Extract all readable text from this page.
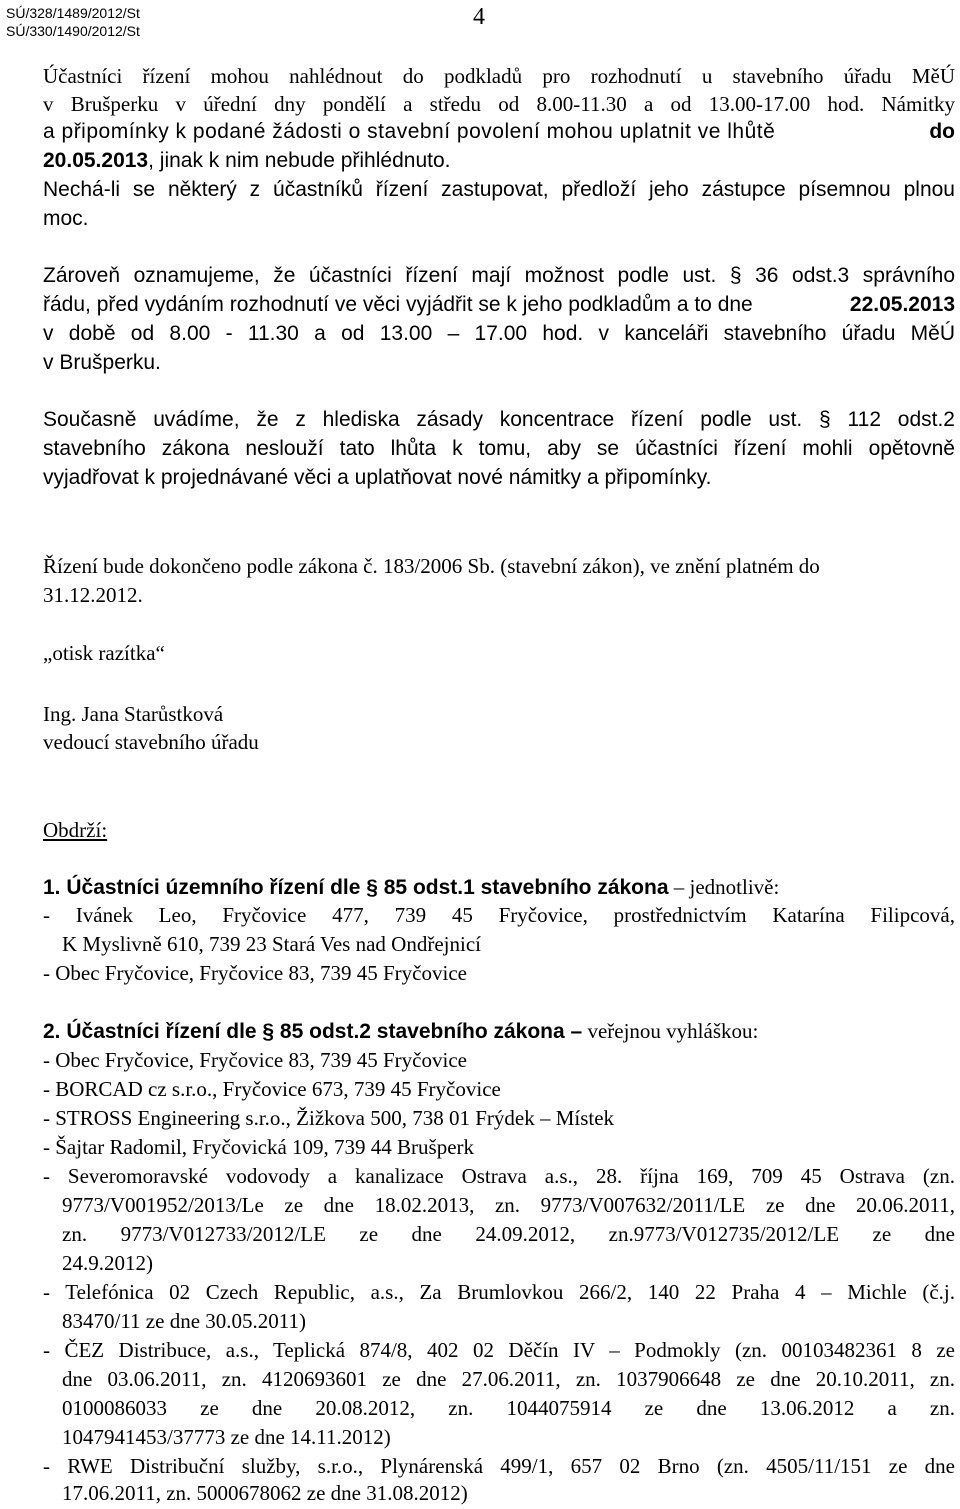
SÚ/328/1489/2012/St
SÚ/330/1490/2012/St
4
Účastníci řízení mohou nahlédnout do podkladů pro rozhodnutí u stavebního úřadu MěÚ
v Brušperku v úřední dny pondělí a středu od 8.00-11.30 a od 13.00-17.00 hod. Námitky
a připomínky k podané žádosti o stavební povolení mohou uplatnit ve lhůtě	do
20.05.2013, jinak k nim nebude přihlédnuto.
Nechá-li se některý z účastníků řízení zastupovat, předloží jeho zástupce písemnou plnou
moc.
Zároveň oznamujeme, že účastníci řízení mají možnost podle ust. § 36 odst.3 správního
řádu, před vydáním rozhodnutí ve věci vyjádřit se k jeho podkladům a to dne	22.05.2013
v době od 8.00 - 11.30 a od 13.00 – 17.00 hod. v kanceláři stavebního úřadu MěÚ
v Brušperku.
Současně uvádíme, že z hlediska zásady koncentrace řízení podle ust. § 112 odst.2
stavebního zákona neslouží tato lhůta k tomu, aby se účastníci řízení mohli opětovně
vyjadřovat k projednávané věci a uplatňovat nové námitky a připomínky.
Řízení bude dokončeno podle zákona č. 183/2006 Sb. (stavební zákon), ve znění platném do
31.12.2012.
„otisk razítka“
Ing. Jana Starůstková
vedoucí stavebního úřadu
Obdrží:
1. Účastníci územního řízení dle § 85 odst.1 stavebního zákona – jednotlivě:
- Ivánek Leo, Fryčovice 477, 739 45 Fryčovice, prostřednictvím Katarína Filipcová,
K Myslivně 610, 739 23 Stará Ves nad Ondřejnicí
- Obec Fryčovice, Fryčovice 83, 739 45 Fryčovice
2. Účastníci řízení dle § 85 odst.2 stavebního zákona – veřejnou vyhláškou:
- Obec Fryčovice, Fryčovice 83, 739 45 Fryčovice
- BORCAD cz s.r.o., Fryčovice 673, 739 45 Fryčovice
- STROSS Engineering s.r.o., Žižkova 500, 738 01 Frýdek – Místek
- Šajtar Radomil, Fryčovická 109, 739 44 Brušperk
- Severomoravské vodovody a kanalizace Ostrava a.s., 28. října 169, 709 45 Ostrava (zn.
9773/V001952/2013/Le ze dne 18.02.2013, zn. 9773/V007632/2011/LE ze dne 20.06.2011,
zn. 9773/V012733/2012/LE ze dne 24.09.2012, zn.9773/V012735/2012/LE ze dne
24.9.2012)
- Telefónica 02 Czech Republic, a.s., Za Brumlovkou 266/2, 140 22 Praha 4 – Michle (č.j.
83470/11 ze dne 30.05.2011)
- ČEZ Distribuce, a.s., Teplická 874/8, 402 02 Děčín IV – Podmokly (zn. 00103482361 8 ze
dne 03.06.2011, zn. 4120693601 ze dne 27.06.2011, zn. 1037906648 ze dne 20.10.2011, zn.
0100086033 ze dne 20.08.2012, zn. 1044075914 ze dne 13.06.2012 a zn.
1047941453/37773 ze dne 14.11.2012)
- RWE Distribuční služby, s.r.o., Plynárenská 499/1, 657 02 Brno (zn. 4505/11/151 ze dne
17.06.2011, zn. 5000678062 ze dne 31.08.2012)
